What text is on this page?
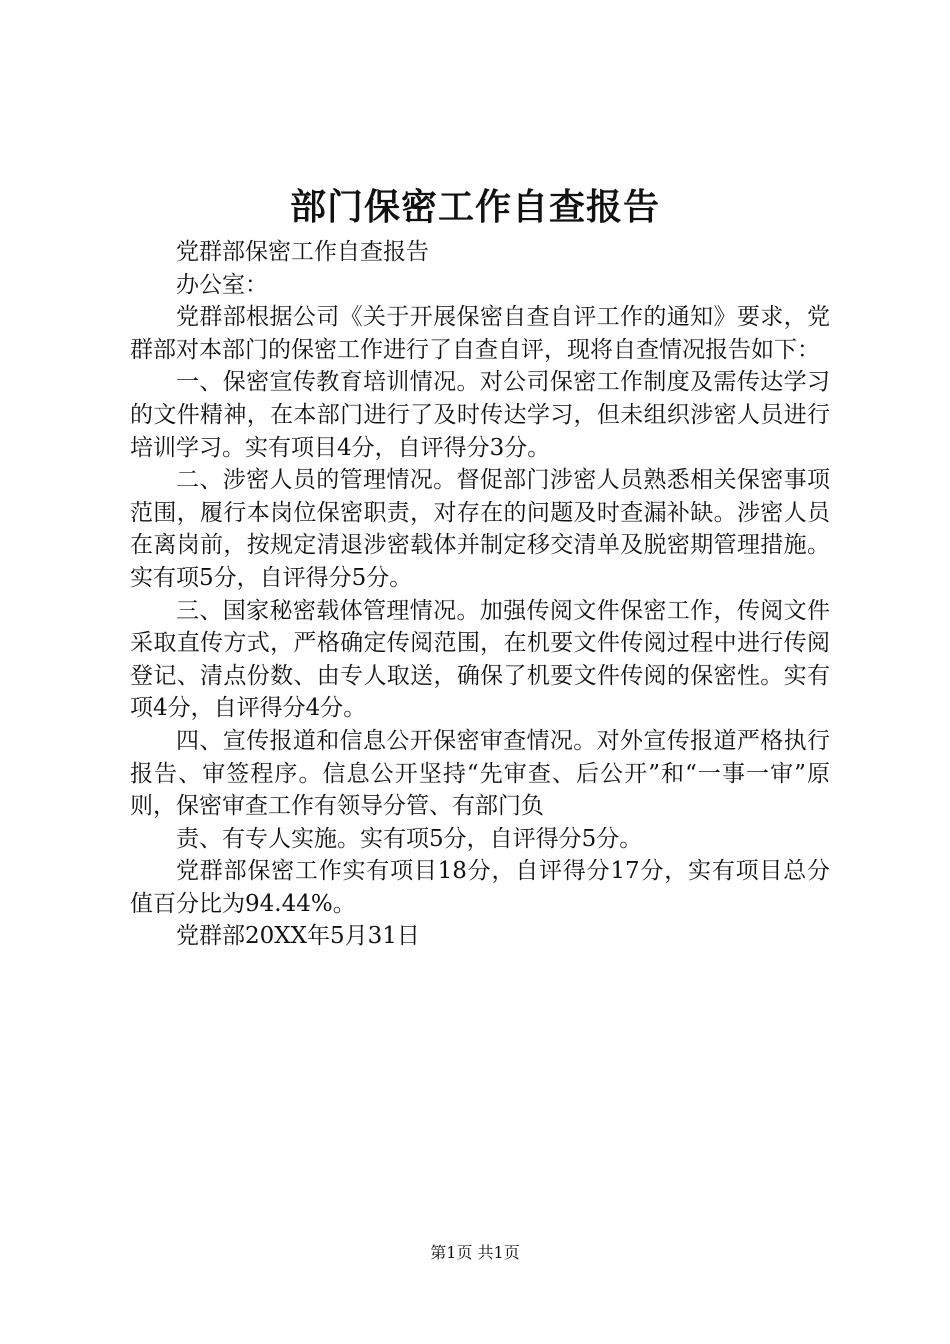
部门保密工作自查报告

党群部保密工作自查报告

办公室：

党群部根据公司《关于开展保密自查自评工作的通知》要求，党群部对本部门的保密工作进行了自查自评，现将自查情况报告如下：

一、保密宣传教育培训情况。对公司保密工作制度及需传达学习的文件精神，在本部门进行了及时传达学习，但未组织涉密人员进行培训学习。实有项目4分，自评得分3分。

二、涉密人员的管理情况。督促部门涉密人员熟悉相关保密事项范围，履行本岗位保密职责，对存在的问题及时查漏补缺。涉密人员在离岗前，按规定清退涉密载体并制定移交清单及脱密期管理措施。实有项5分，自评得分5分。

三、国家秘密载体管理情况。加强传阅文件保密工作，传阅文件采取直传方式，严格确定传阅范围，在机要文件传阅过程中进行传阅登记、清点份数、由专人取送，确保了机要文件传阅的保密性。实有项4分，自评得分4分。

四、宣传报道和信息公开保密审查情况。对外宣传报道严格执行报告、审签程序。信息公开坚持“先审查、后公开”和“一事一审”原则，保密审查工作有领导分管、有部门负

责、有专人实施。实有项5分，自评得分5分。

党群部保密工作实有项目18分，自评得分17分，实有项目总分值百分比为94.44%。

党群部20XX年5月31日

第1页 共1页
